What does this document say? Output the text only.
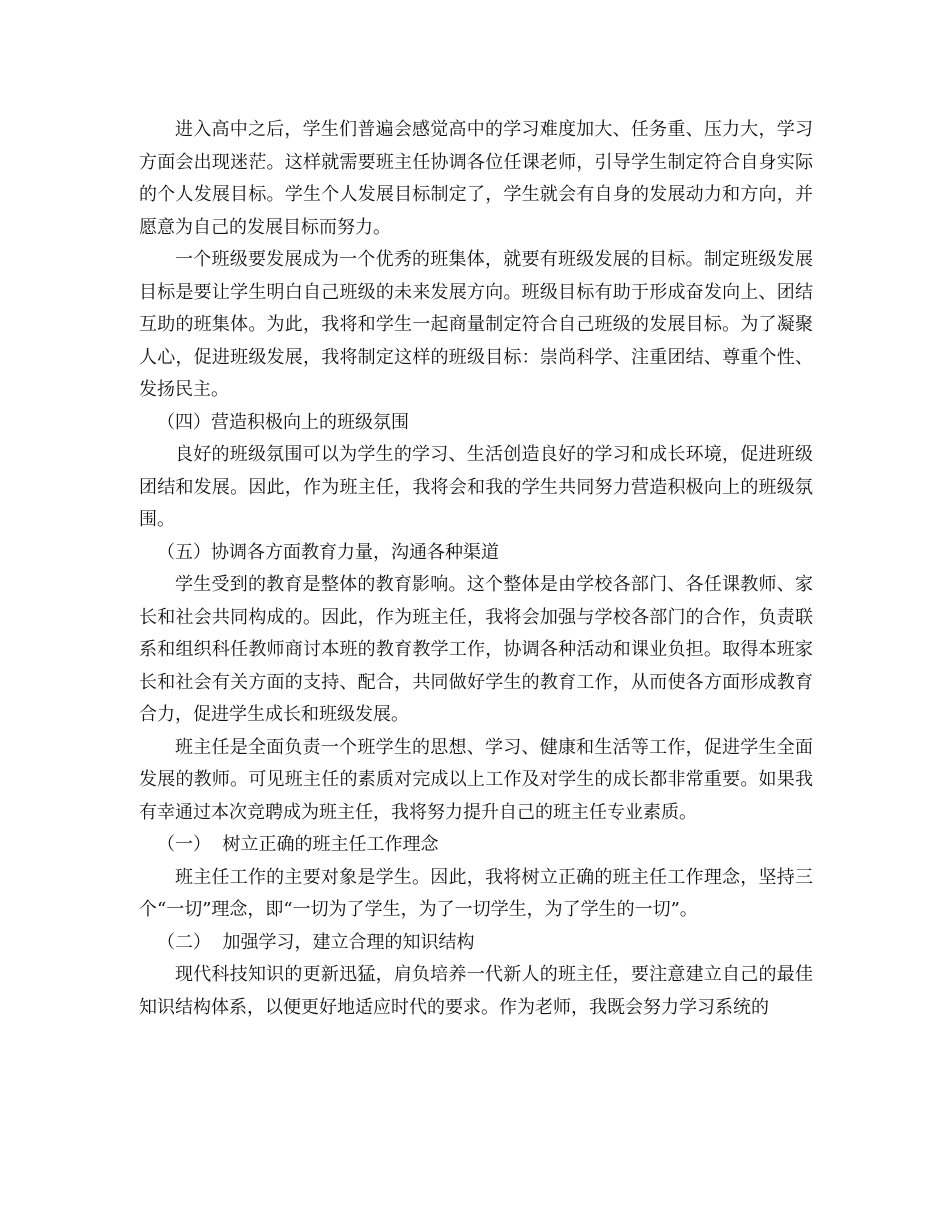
进入高中之后，学生们普遍会感觉高中的学习难度加大、任务重、压力大，学习方面会出现迷茫。这样就需要班主任协调各位任课老师，引导学生制定符合自身实际的个人发展目标。学生个人发展目标制定了，学生就会有自身的发展动力和方向，并愿意为自己的发展目标而努力。

一个班级要发展成为一个优秀的班集体，就要有班级发展的目标。制定班级发展目标是要让学生明白自己班级的未来发展方向。班级目标有助于形成奋发向上、团结互助的班集体。为此，我将和学生一起商量制定符合自己班级的发展目标。为了凝聚人心，促进班级发展，我将制定这样的班级目标：崇尚科学、注重团结、尊重个性、发扬民主。

（四）营造积极向上的班级氛围

良好的班级氛围可以为学生的学习、生活创造良好的学习和成长环境，促进班级团结和发展。因此，作为班主任，我将会和我的学生共同努力营造积极向上的班级氛围。

（五）协调各方面教育力量，沟通各种渠道

学生受到的教育是整体的教育影响。这个整体是由学校各部门、各任课教师、家长和社会共同构成的。因此，作为班主任，我将会加强与学校各部门的合作，负责联系和组织科任教师商讨本班的教育教学工作，协调各种活动和课业负担。取得本班家长和社会有关方面的支持、配合，共同做好学生的教育工作，从而使各方面形成教育合力，促进学生成长和班级发展。

班主任是全面负责一个班学生的思想、学习、健康和生活等工作，促进学生全面发展的教师。可见班主任的素质对完成以上工作及对学生的成长都非常重要。如果我有幸通过本次竞聘成为班主任，我将努力提升自己的班主任专业素质。

（一）  树立正确的班主任工作理念

班主任工作的主要对象是学生。因此，我将树立正确的班主任工作理念，坚持三个“一切”理念，即“一切为了学生，为了一切学生，为了学生的一切”。

（二）  加强学习，建立合理的知识结构

现代科技知识的更新迅猛，肩负培养一代新人的班主任，要注意建立自己的最佳知识结构体系，以便更好地适应时代的要求。作为老师，我既会努力学习系统的
